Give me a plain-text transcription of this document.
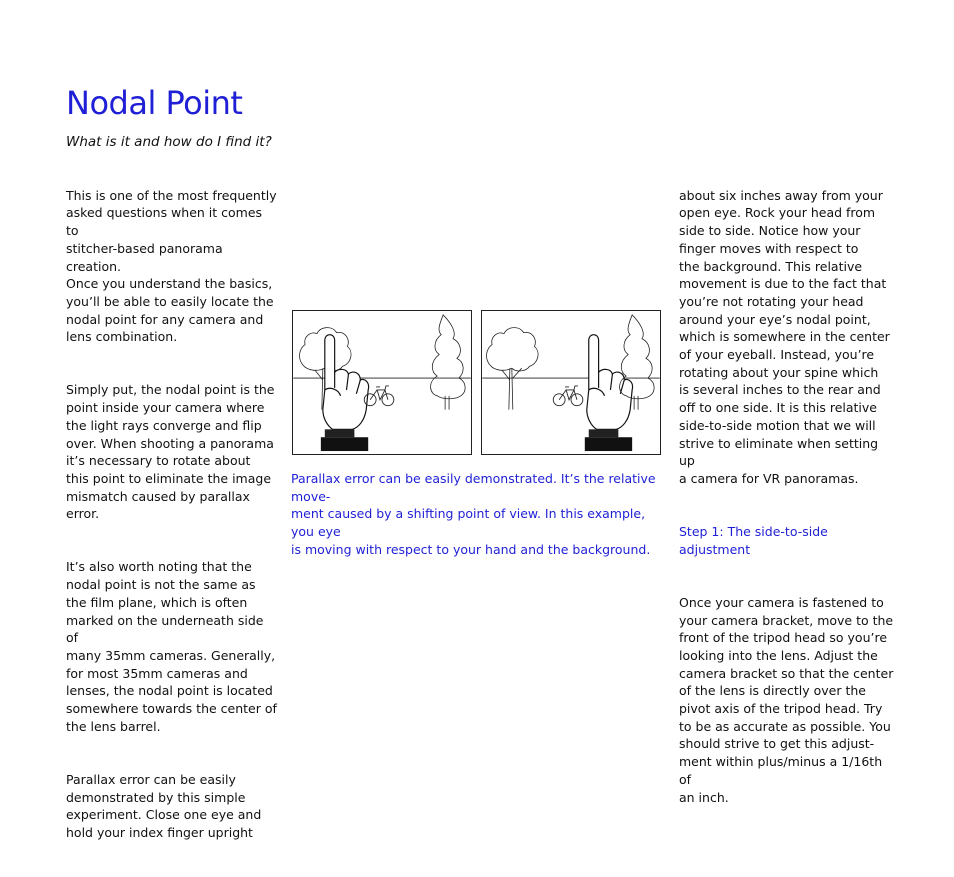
Nodal Point

What is it and how do I find it?

This is one of the most frequently
asked questions when it comes to
stitcher-based panorama creation.
Once you understand the basics,
you’ll be able to easily locate the
nodal point for any camera and
lens combination.

Simply put, the nodal point is the
point inside your camera where
the light rays converge and flip
over. When shooting a panorama
it’s necessary to rotate about
this point to eliminate the image
mismatch caused by parallax error.

It’s also worth noting that the
nodal point is not the same as
the film plane, which is often
marked on the underneath side of
many 35mm cameras. Generally,
for most 35mm cameras and
lenses, the nodal point is located
somewhere towards the center of
the lens barrel.

Parallax error can be easily
demonstrated by this simple
experiment. Close one eye and
hold your index finger upright

Parallax error can be easily demonstrated. It’s the relative move-
ment caused by a shifting point of view. In this example, you eye
is moving with respect to your hand and the background.

about six inches away from your
open eye. Rock your head from
side to side. Notice how your
finger moves with respect to
the background. This relative
movement is due to the fact that
you’re not rotating your head
around your eye’s nodal point,
which is somewhere in the center
of your eyeball. Instead, you’re
rotating about your spine which
is several inches to the rear and
off to one side. It is this relative
side-to-side motion that we will
strive to eliminate when setting up
a camera for VR panoramas.

Step 1: The side-to-side adjustment

Once your camera is fastened to
your camera bracket, move to the
front of the tripod head so you’re
looking into the lens. Adjust the
camera bracket so that the center
of the lens is directly over the
pivot axis of the tripod head. Try
to be as accurate as possible. You
should strive to get this adjust-
ment within plus/minus a 1/16th of
an inch.
